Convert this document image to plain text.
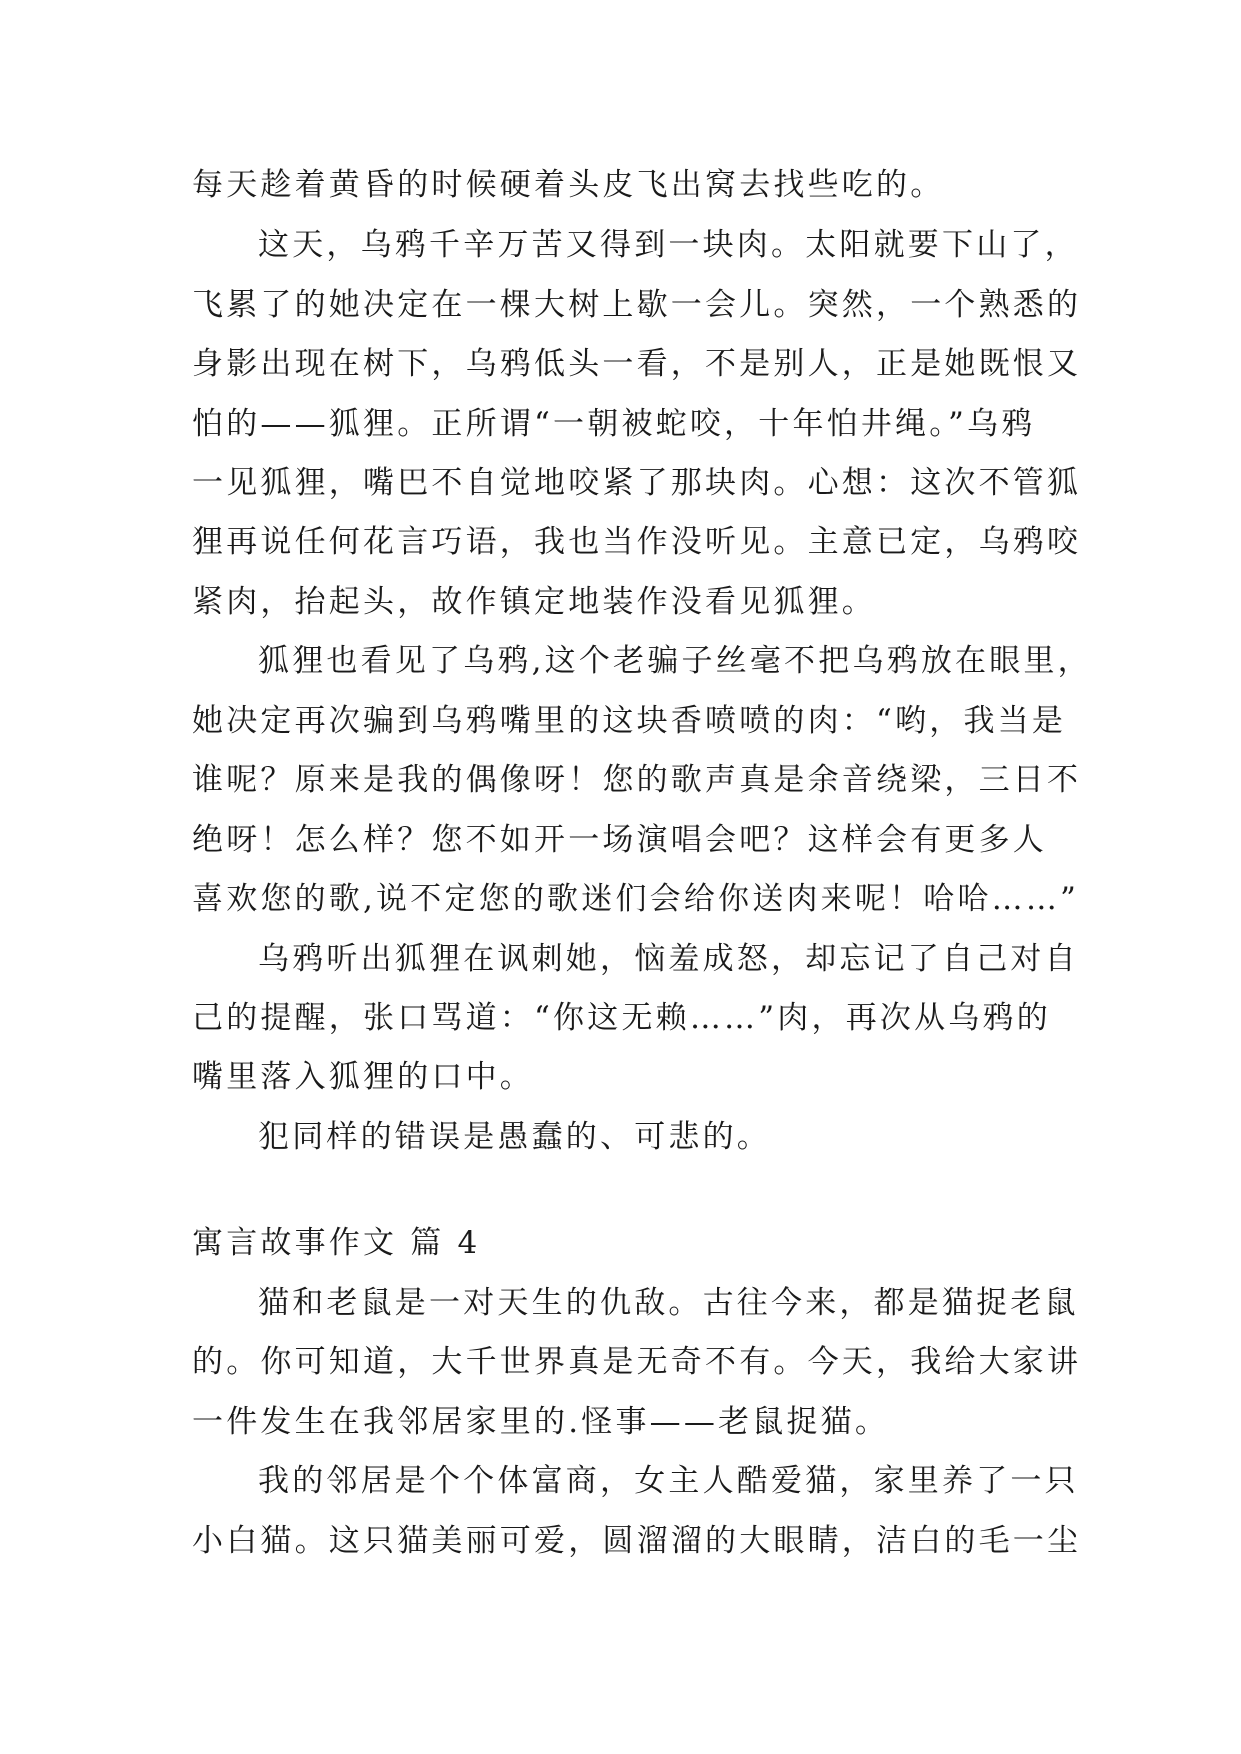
每天趁着黄昏的时候硬着头皮飞出窝去找些吃的。
这天，乌鸦千辛万苦又得到一块肉。太阳就要下山了，
飞累了的她决定在一棵大树上歇一会儿。突然，一个熟悉的
身影出现在树下，乌鸦低头一看，不是别人，正是她既恨又
怕的——狐狸。正所谓“一朝被蛇咬，十年怕井绳。”乌鸦
一见狐狸，嘴巴不自觉地咬紧了那块肉。心想：这次不管狐
狸再说任何花言巧语，我也当作没听见。主意已定，乌鸦咬
紧肉，抬起头，故作镇定地装作没看见狐狸。
狐狸也看见了乌鸦,这个老骗子丝毫不把乌鸦放在眼里，
她决定再次骗到乌鸦嘴里的这块香喷喷的肉：“哟，我当是
谁呢？原来是我的偶像呀！您的歌声真是余音绕梁，三日不
绝呀！怎么样？您不如开一场演唱会吧？这样会有更多人
喜欢您的歌,说不定您的歌迷们会给你送肉来呢！哈哈……”
乌鸦听出狐狸在讽刺她，恼羞成怒，却忘记了自己对自
己的提醒，张口骂道：“你这无赖……”肉，再次从乌鸦的
嘴里落入狐狸的口中。
犯同样的错误是愚蠢的、可悲的。
寓言故事作文 篇 4
猫和老鼠是一对天生的仇敌。古往今来，都是猫捉老鼠
的。你可知道，大千世界真是无奇不有。今天，我给大家讲
一件发生在我邻居家里的.怪事——老鼠捉猫。
我的邻居是个个体富商，女主人酷爱猫，家里养了一只
小白猫。这只猫美丽可爱，圆溜溜的大眼睛，洁白的毛一尘
